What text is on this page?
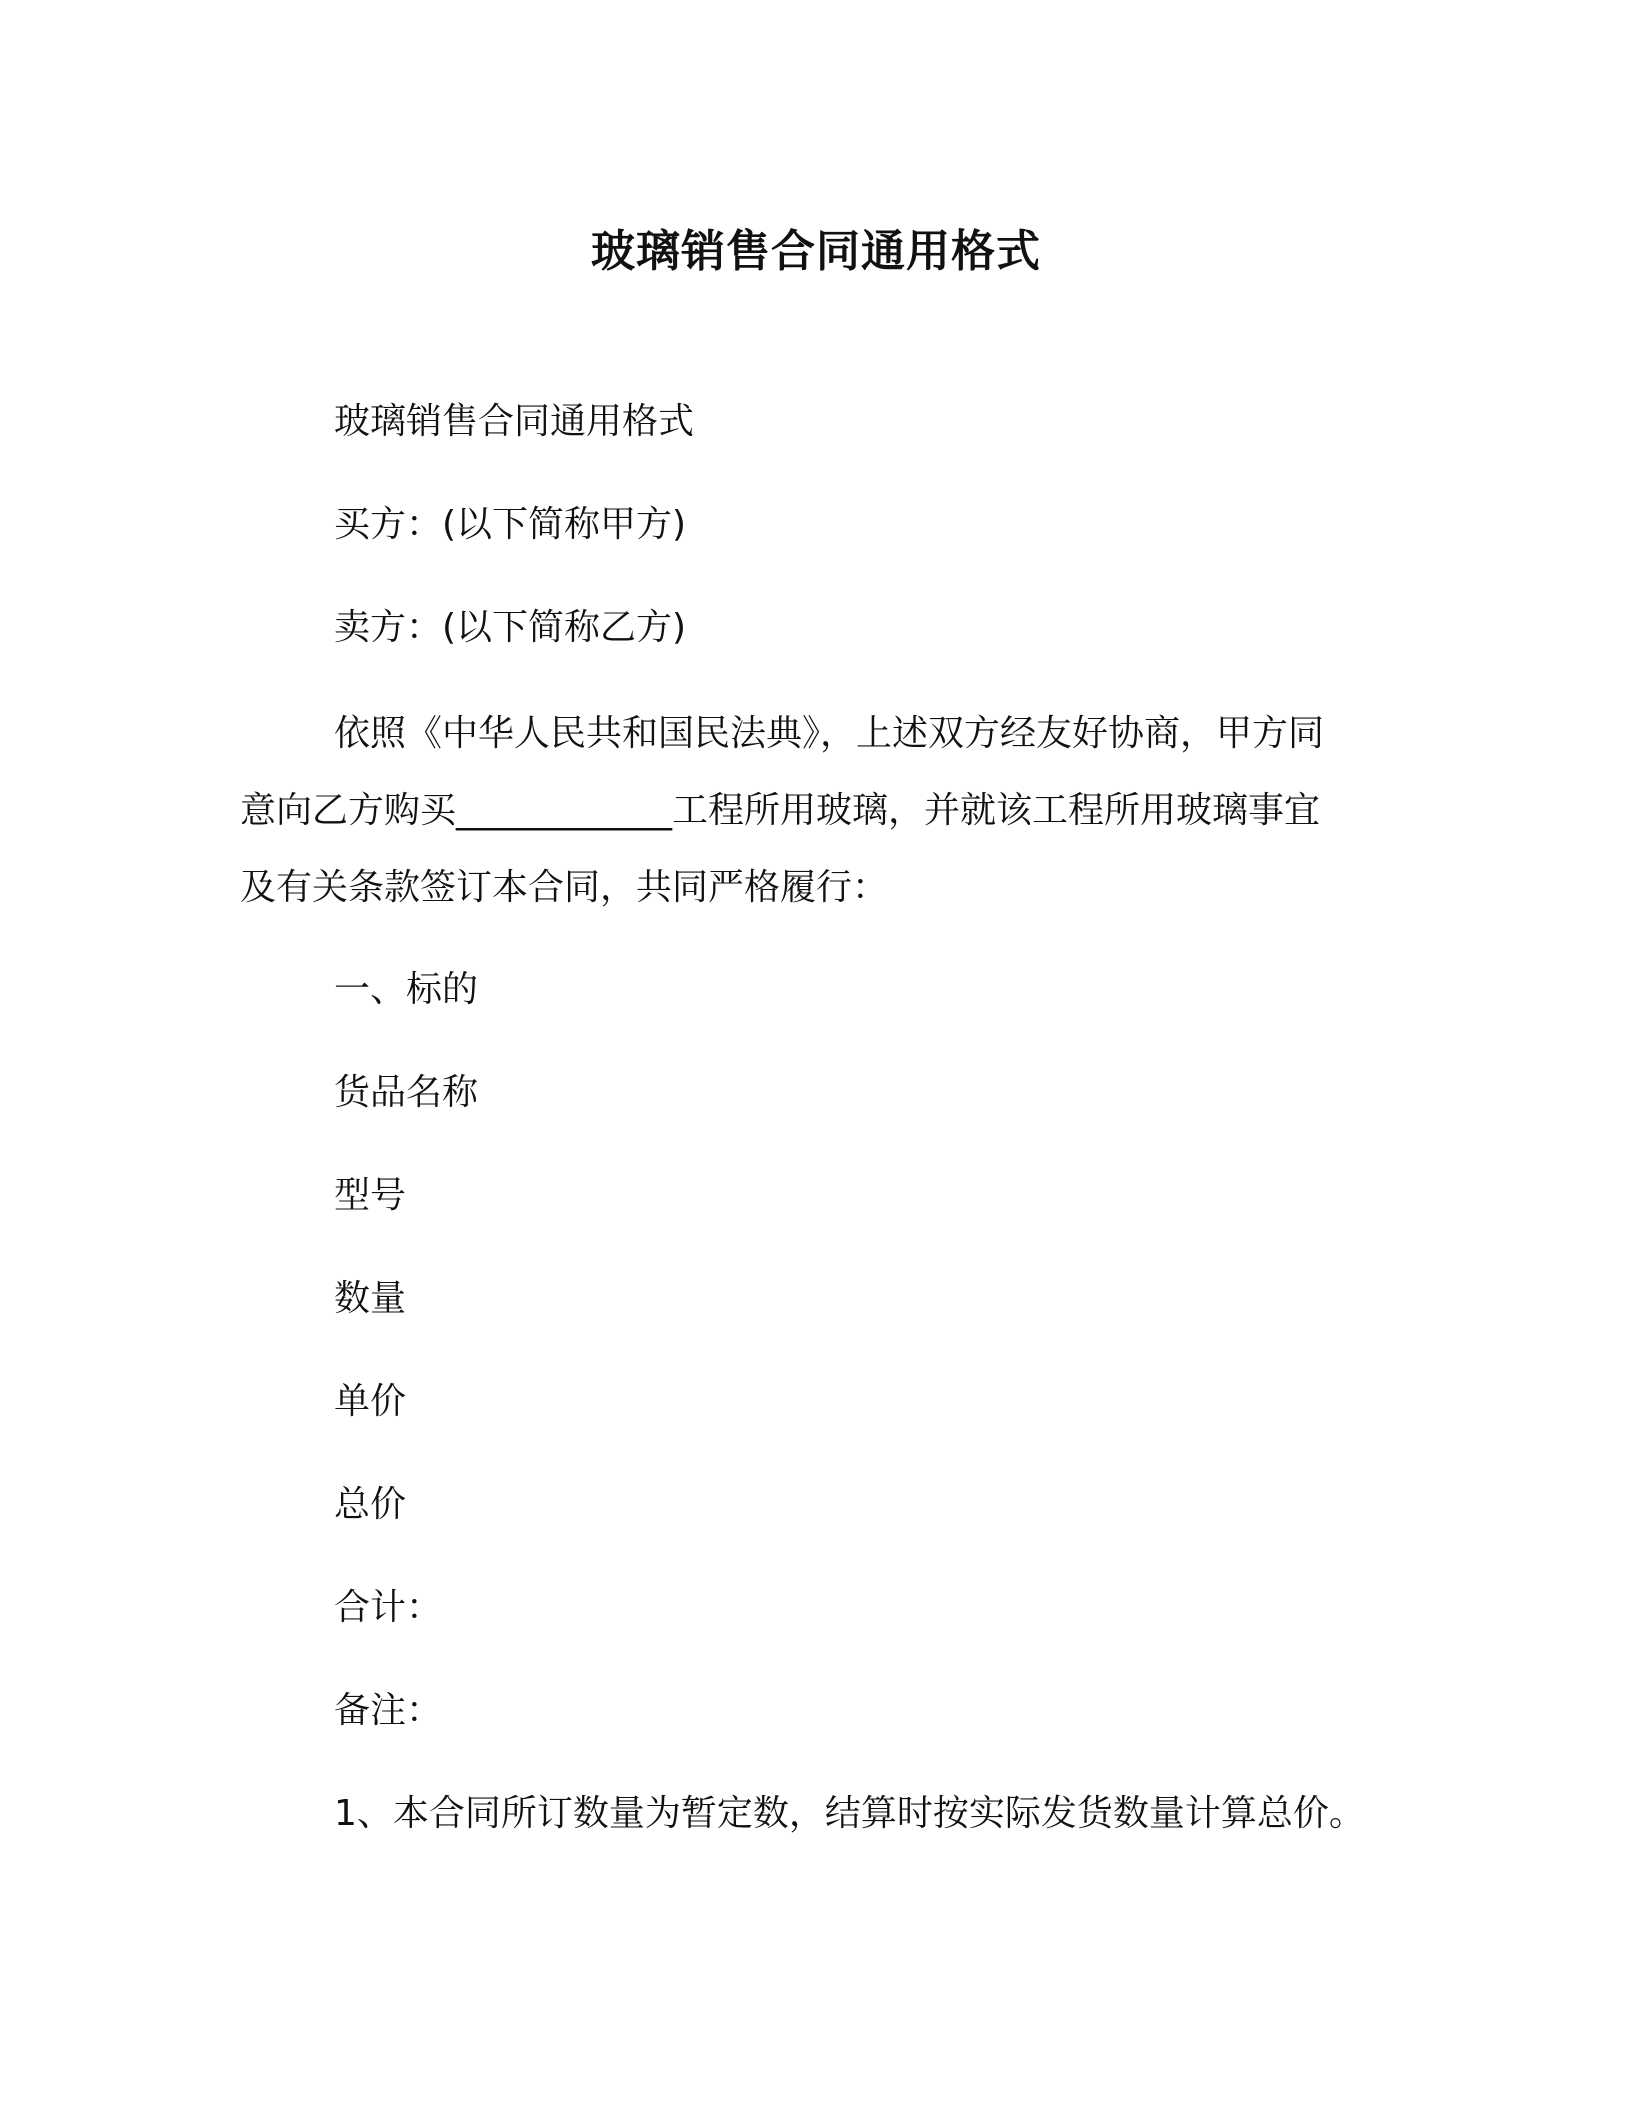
玻璃销售合同通用格式
玻璃销售合同通用格式
买方：(以下简称甲方)
卖方：(以下简称乙方)
依照《中华人民共和国民法典》，上述双方经友好协商，甲方同
意向乙方购买____________工程所用玻璃，并就该工程所用玻璃事宜
及有关条款签订本合同，共同严格履行：
一、标的
货品名称
型号
数量
单价
总价
合计：
备注：
1、本合同所订数量为暂定数，结算时按实际发货数量计算总价。
